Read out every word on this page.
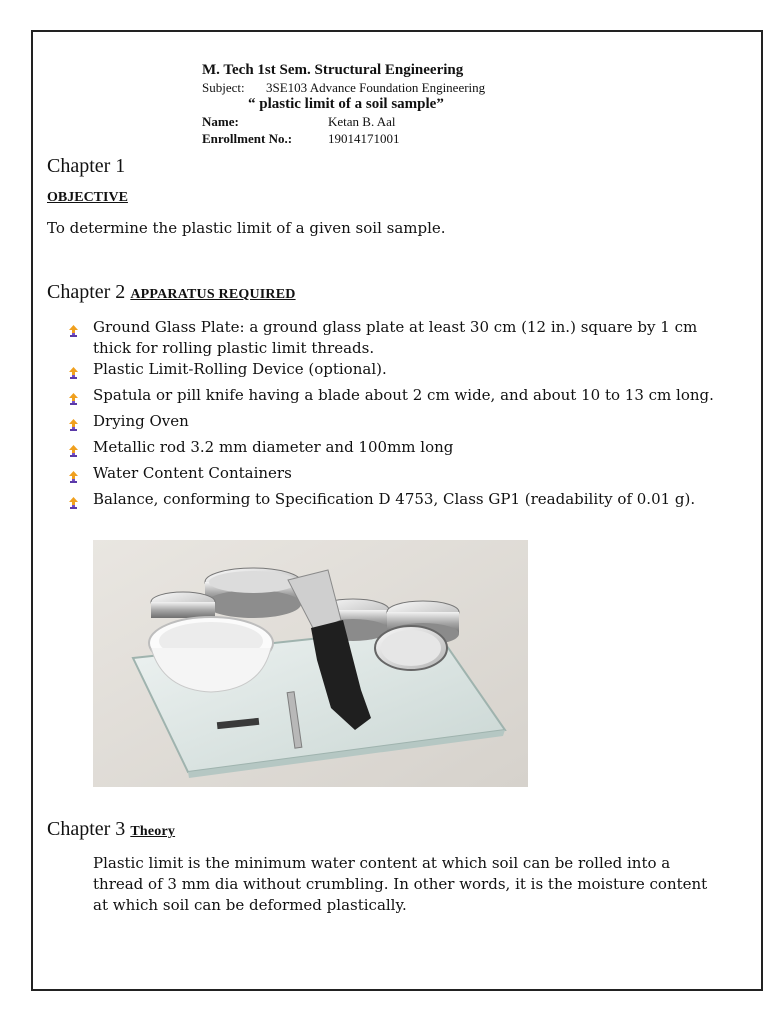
M. Tech 1st Sem. Structural Engineering
Subject: 3SE103 Advance Foundation Engineering
“ plastic limit of a soil sample”
Name:	Ketan B. Aal
Enrollment No.:	19014171001
Chapter 1
OBJECTIVE
To determine the plastic limit of a given soil sample.
Chapter 2 APPARATUS REQUIRED
Ground Glass Plate: a ground glass plate at least 30 cm (12 in.) square by 1 cm thick for rolling plastic limit threads.
Plastic Limit-Rolling Device (optional).
Spatula or pill knife having a blade about 2 cm wide, and about 10 to 13 cm long.
Drying Oven
Metallic rod 3.2 mm diameter and 100mm long
Water Content Containers
Balance, conforming to Specification D 4753, Class GP1 (readability of 0.01 g).
Chapter 3 Theory
Plastic limit is the minimum water content at which soil can be rolled into a thread of 3 mm dia without crumbling. In other words, it is the moisture content at which soil can be deformed plastically.
